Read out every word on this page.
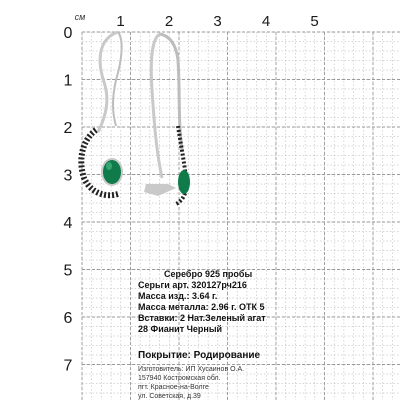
см 1	2	3	4	5
0
1
2
3
4
5
6
7
Серебро 925 пробы
Серьги арт. 320127рч216
Масса изд.: 3.64 г.
Масса металла: 2.96 г. ОТК 5
Вставки: 2 Нат.Зеленый агат
28 Фианит Черный
Покрытие: Родирование
Изготовитель: ИП Хусаинов О.А.
157940 Костромская обл.
пгт. Красное-на-Волге
ул. Советская, д.39
